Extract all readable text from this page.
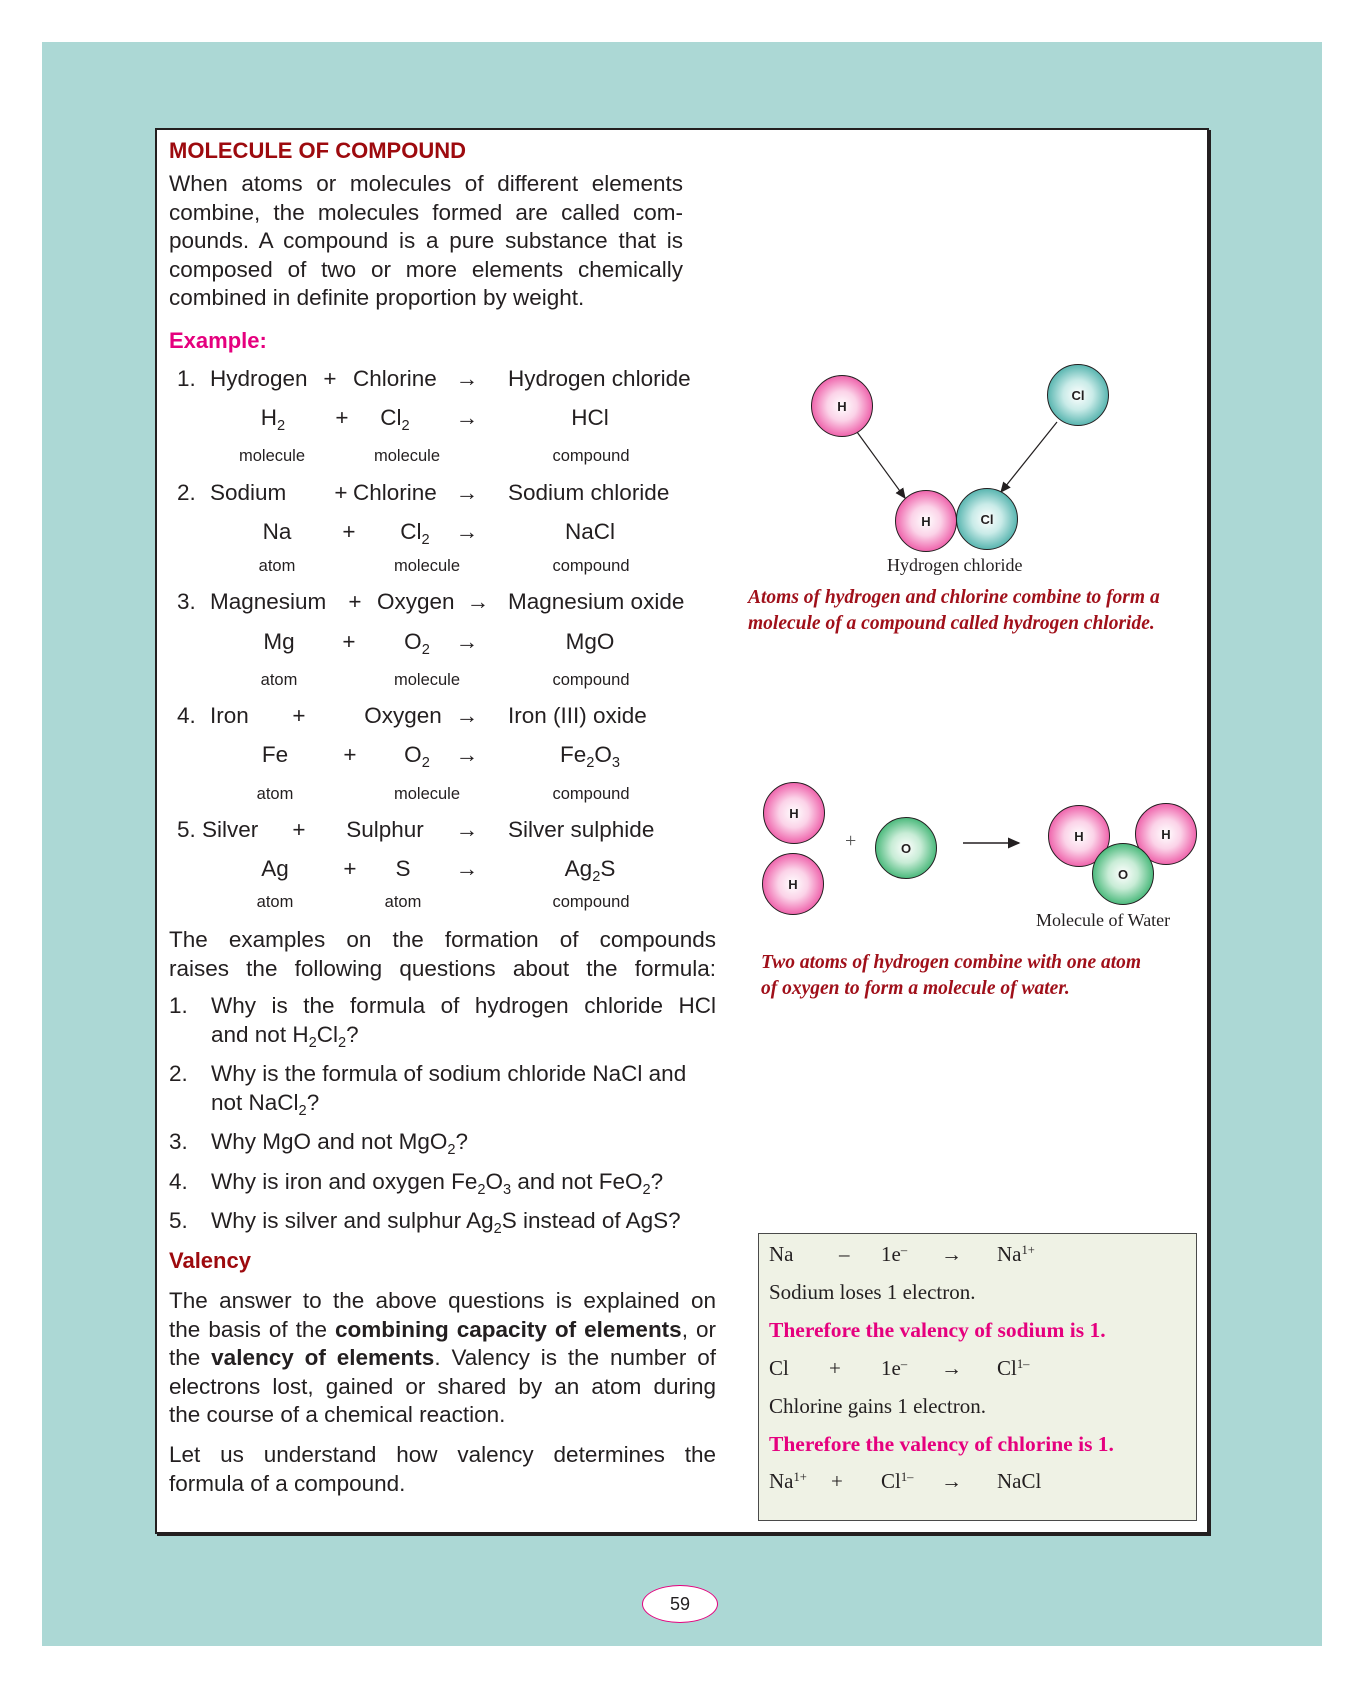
MOLECULE OF COMPOUND
When atoms or molecules of different elements
combine, the molecules formed are called com-
pounds. A compound is a pure substance that is
composed of two or more elements chemically
combined in definite proportion by weight.
Example:
1. Hydrogen + Chlorine → Hydrogen chloride
$H_2 + Cl_2$ →	HCl
molecule	molecule	compound
2. Sodium + Chlorine → Sodium chloride
$Na + Cl_2$ →	NaCl
atom	molecule	compound
3. Magnesium + Oxygen → Magnesium oxide
$Mg + O_2$ →	MgO
atom	molecule	compound
4. Iron +	Oxygen → Iron (III) oxide
$Fe + O_2$ →	$Fe_2O_3$
atom	molecule	compound
5. Silver + Sulphur → Silver sulphide
Ag + S →	$Ag_2S$
atom	atom	compound
The examples on the formation of compounds
raises the following questions about the formula:
1. Why is the formula of hydrogen chloride HCl
and not $H_2Cl_2$?
2. Why is the formula of sodium chloride NaCl and
not NaCl$_2$?
3. Why MgO and not MgO$_2$?
4. Why is iron and oxygen $Fe_2O_3$ and not FeO$_2$?
5. Why is silver and sulphur $Ag_2S$ instead of AgS?
Valency
The answer to the above questions is explained on
the basis of the combining capacity of elements, or
the valency of elements. Valency is the number of
electrons lost, gained or shared by an atom during
the course of a chemical reaction.
Let us understand how valency determines the
formula of a compound.
H
Cl
H	Cl
Hydrogen chloride
Atoms of hydrogen and chlorine combine to form a
molecule of a compound called hydrogen chloride.
H
H
+	O
H	H
O
Molecule of Water
Two atoms of hydrogen combine with one atom
of oxygen to form a molecule of water.
$Na - 1e^- \to Na^{1+}$
Sodium loses 1 electron.
Therefore the valency of sodium is 1.
$Cl + 1e^- \to Cl^{1-}$
Chlorine gains 1 electron.
Therefore the valency of chlorine is 1.
$Na^{1+} + Cl^{1-}$ → NaCl
59
